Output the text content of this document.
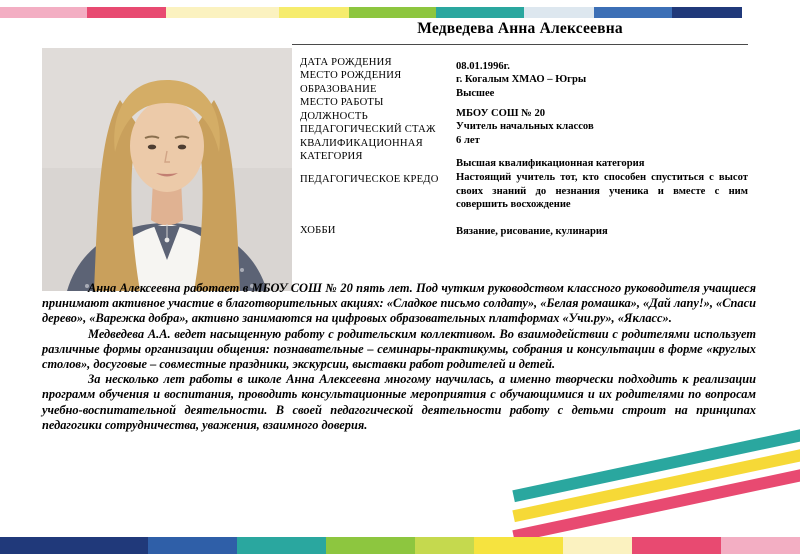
Медведева Анна Алексеевна
ДАТА РОЖДЕНИЯ
МЕСТО РОЖДЕНИЯ
ОБРАЗОВАНИЕ
МЕСТО РАБОТЫ
ДОЛЖНОСТЬ
ПЕДАГОГИЧЕСКИЙ СТАЖ
КВАЛИФИКАЦИОННАЯ КАТЕГОРИЯ
ПЕДАГОГИЧЕСКОЕ КРЕДО
ХОББИ
08.01.1996г.
г. Когалым ХМАО – Югры
Высшее
МБОУ СОШ № 20
Учитель начальных классов
6 лет
Высшая квалификационная категория
Настоящий учитель тот, кто способен спуститься с высот своих знаний до незнания ученика и вместе с ним совершить восхождение
Вязание, рисование, кулинария

Анна Алексеевна работает в МБОУ СОШ № 20 пять лет. Под чутким руководством классного руководителя учащиеся принимают активное участие в благотворительных акциях: «Сладкое письмо солдату», «Белая ромашка», «Дай лапу!», «Спаси дерево», «Варежка добра», активно занимаются на цифровых образовательных платформах «Учи.ру», «Якласс».

Медведева А.А. ведет насыщенную работу с родительским коллективом. Во взаимодействии с родителями использует различные формы организации общения: познавательные – семинары-практикумы, собрания и консультации в форме «круглых столов», досуговые – совместные праздники, экскурсии, выставки работ родителей и детей.

За несколько лет работы в школе Анна Алексеевна многому научилась, а именно творчески подходить к реализации программ обучения и воспитания, проводить консультационные мероприятия с обучающимися и их родителями по вопросам учебно-воспитательной деятельности. В своей педагогической деятельности работу с детьми строит на принципах педагогики сотрудничества, уважения, взаимного доверия.
